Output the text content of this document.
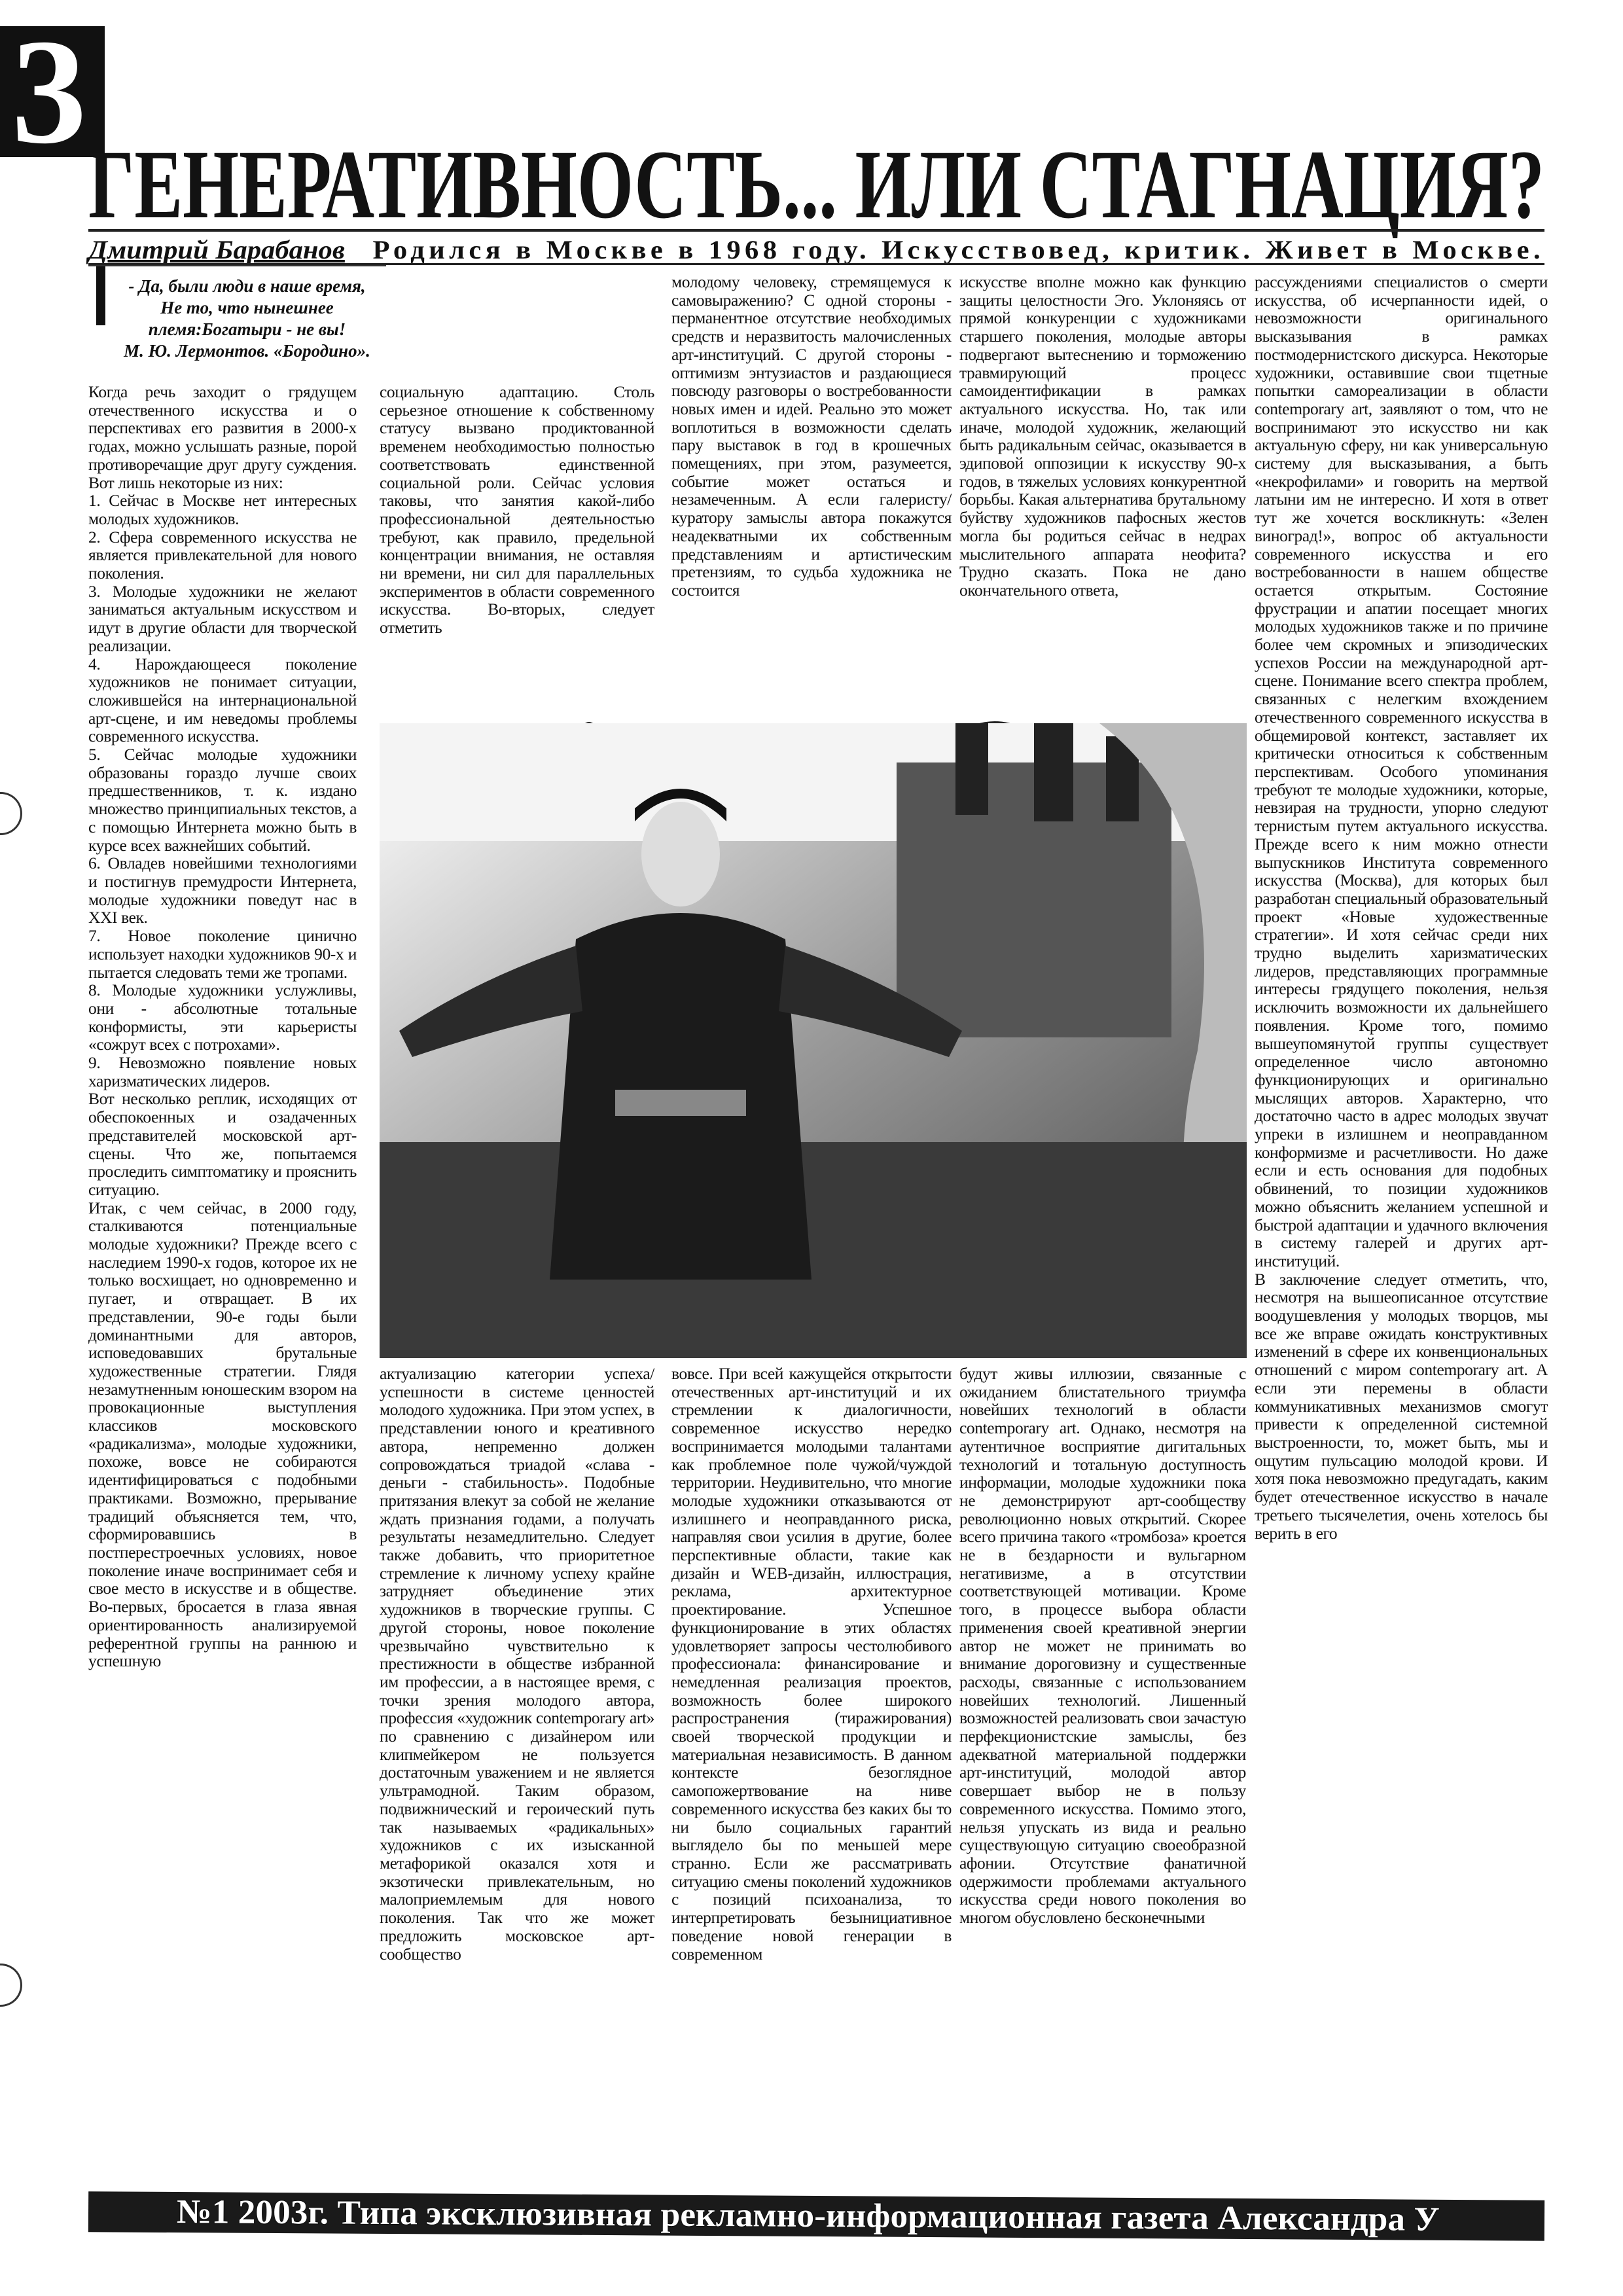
3
ГЕНЕРАТИВНОСТЬ... ИЛИ СТАГНАЦИЯ?
Дмитрий Барабанов Родился в Москве в 1968 году. Искусствовед, критик. Живет в Москве.

- Да, были люди в наше время,

Не то, что нынешнее племя:Богатыри - не вы!

М. Ю. Лермонтов. «Бородино».

Когда речь заходит о грядущем отечественного искусства и о перспективах его развития в 2000-х годах, можно услышать разные, порой противоречащие друг другу суждения. Вот лишь некоторые из них:

1. Сейчас в Москве нет интересных молодых художников.

2. Сфера современного искусства не является привлекательной для нового поколения.

3. Молодые художники не желают заниматься актуальным искусством и идут в другие области для творческой реализации.

4. Нарождающееся поколение художников не понимает ситуации, сложившейся на интернациональной арт-сцене, и им неведомы проблемы современного искусства.

5. Сейчас молодые художники образованы гораздо лучше своих предшественников, т. к. издано множество принципиальных текстов, а с помощью Интернета можно быть в курсе всех важнейших событий.

6. Овладев новейшими технологиями и постигнув премудрости Интернета, молодые художники поведут нас в XXI век.

7. Новое поколение цинично использует находки художников 90-х и пытается следовать теми же тропами.

8. Молодые художники услужливы, они - абсолютные тотальные конформисты, эти карьеристы «сожрут всех с потрохами».

9. Невозможно появление новых харизматических лидеров.

Вот несколько реплик, исходящих от обеспокоенных и озадаченных представителей московской арт-сцены. Что же, попытаемся проследить симптоматику и прояснить ситуацию.

Итак, с чем сейчас, в 2000 году, сталкиваются потенциальные молодые художники? Прежде всего с наследием 1990-х годов, которое их не только восхищает, но одновременно и пугает, и отвращает. В их представлении, 90-е годы были доминантными для авторов, исповедовавших брутальные художественные стратегии. Глядя незамутненным юношеским взором на провокационные выступления классиков московского «радикализма», молодые художники, похоже, вовсе не собираются идентифицироваться с подобными практиками. Возможно, прерывание традиций объясняется тем, что, сформировавшись в постперестроечных условиях, новое поколение иначе воспринимает себя и свое место в искусстве и в обществе. Во-первых, бросается в глаза явная ориентированность анализируемой референтной группы на раннюю и успешную

социальную адаптацию. Столь серьезное отношение к собственному статусу вызвано продиктованной временем необходимостью полностью соответствовать единственной социальной роли. Сейчас условия таковы, что занятия какой-либо профессиональной деятельностью требуют, как правило, предельной концентрации внимания, не оставляя ни времени, ни сил для параллельных экспериментов в области современного искусства. Во-вторых, следует отметить

молодому человеку, стремящемуся к самовыражению? С одной стороны - перманентное отсутствие необходимых средств и неразвитость малочисленных арт-институций. С другой стороны - оптимизм энтузиастов и раздающиеся повсюду разговоры о востребованности новых имен и идей. Реально это может воплотиться в возможности сделать пару выставок в год в крошечных помещениях, при этом, разумеется, событие может остаться и незамеченным. А если галеристу/куратору замыслы автора покажутся неадекватными их собственным представлениям и артистическим претензиям, то судьба художника не состоится

искусстве вполне можно как функцию защиты целостности Эго. Уклоняясь от прямой конкуренции с художниками старшего поколения, молодые авторы подвергают вытеснению и торможению травмирующий процесс самоидентификации в рамках актуального искусства. Но, так или иначе, молодой художник, желающий быть радикальным сейчас, оказывается в эдиповой оппозиции к искусству 90-х годов, в тяжелых условиях конкурентной борьбы. Какая альтернатива брутальному буйству художников пафосных жестов могла бы родиться сейчас в недрах мыслительного аппарата неофита? Трудно сказать. Пока не дано окончательного ответа,

рассуждениями специалистов о смерти искусства, об исчерпанности идей, о невозможности оригинального высказывания в рамках постмодернистского дискурса. Некоторые художники, оставившие свои тщетные попытки самореализации в области contemporary art, заявляют о том, что не воспринимают это искусство ни как актуальную сферу, ни как универсальную систему для высказывания, а быть «некрофилами» и говорить на мертвой латыни им не интересно. И хотя в ответ тут же хочется воскликнуть: «Зелен виноград!», вопрос об актуальности современного искусства и его востребованности в нашем обществе остается открытым. Состояние фрустрации и апатии посещает многих молодых художников также и по причине более чем скромных и эпизодических успехов России на международной арт-сцене. Понимание всего спектра проблем, связанных с нелегким вхождением отечественного современного искусства в общемировой контекст, заставляет их критически относиться к собственным перспективам. Особого упоминания требуют те молодые художники, которые, невзирая на трудности, упорно следуют тернистым путем актуального искусства. Прежде всего к ним можно отнести выпускников Института современного искусства (Москва), для которых был разработан специальный образовательный проект «Новые художественные стратегии». И хотя сейчас среди них трудно выделить харизматических лидеров, представляющих программные интересы грядущего поколения, нельзя исключить возможности их дальнейшего появления. Кроме того, помимо вышеупомянутой группы существует определенное число автономно функционирующих и оригинально мыслящих авторов. Характерно, что достаточно часто в адрес молодых звучат упреки в излишнем и неоправданном конформизме и расчетливости. Но даже если и есть основания для подобных обвинений, то позиции художников можно объяснить желанием успешной и быстрой адаптации и удачного включения в систему галерей и других арт-институций.

В заключение следует отметить, что, несмотря на вышеописанное отсутствие воодушевления у молодых творцов, мы все же вправе ожидать конструктивных изменений в сфере их конвенциональных отношений с миром contemporary art. А если эти перемены в области коммуникативных механизмов смогут привести к определенной системной выстроенности, то, может быть, мы и ощутим пульсацию молодой крови. И хотя пока невозможно предугадать, каким будет отечественное искусство в начале третьего тысячелетия, очень хотелось бы верить в его

актуализацию категории успеха/успешности в системе ценностей молодого художника. При этом успех, в представлении юного и креативного автора, непременно должен сопровождаться триадой «слава - деньги - стабильность». Подобные притязания влекут за собой не желание ждать признания годами, а получать результаты незамедлительно. Следует также добавить, что приоритетное стремление к личному успеху крайне затрудняет объединение этих художников в творческие группы. С другой стороны, новое поколение чрезвычайно чувствительно к престижности в обществе избранной им профессии, а в настоящее время, с точки зрения молодого автора, профессия «художник contemporary art» по сравнению с дизайнером или клипмейкером не пользуется достаточным уважением и не является ультрамодной. Таким образом, подвижнический и героический путь так называемых «радикальных» художников с их изысканной метафорикой оказался хотя и экзотически привлекательным, но малоприемлемым для нового поколения. Так что же может предложить московское арт-сообщество

вовсе. При всей кажущейся открытости отечественных арт-институций и их стремлении к диалогичности, современное искусство нередко воспринимается молодыми талантами как проблемное поле чужой/чуждой территории. Неудивительно, что многие молодые художники отказываются от излишнего и неоправданного риска, направляя свои усилия в другие, более перспективные области, такие как дизайн и WEB-дизайн, иллюстрация, реклама, архитектурное проектирование. Успешное функционирование в этих областях удовлетворяет запросы честолюбивого профессионала: финансирование и немедленная реализация проектов, возможность более широкого распространения (тиражирования) своей творческой продукции и материальная независимость. В данном контексте безоглядное самопожертвование на ниве современного искусства без каких бы то ни было социальных гарантий выглядело бы по меньшей мере странно. Если же рассматривать ситуацию смены поколений художников с позиций психоанализа, то интерпретировать безынициативное поведение новой генерации в современном

будут живы иллюзии, связанные с ожиданием блистательного триумфа новейших технологий в области contemporary art. Однако, несмотря на аутентичное восприятие дигитальных технологий и тотальную доступность информации, молодые художники пока не демонстрируют арт-сообществу революционно новых открытий. Скорее всего причина такого «тромбоза» кроется не в бездарности и вульгарном негативизме, а в отсутствии соответствующей мотивации. Кроме того, в процессе выбора области применения своей креативной энергии автор не может не принимать во внимание дороговизну и существенные расходы, связанные с использованием новейших технологий. Лишенный возможностей реализовать свои зачастую перфекционистские замыслы, без адекватной материальной поддержки арт-институций, молодой автор совершает выбор не в пользу современного искусства. Помимо этого, нельзя упускать из вида и реально существующую ситуацию своеобразной афонии. Отсутствие фанатичной одержимости проблемами актуального искусства среди нового поколения во многом обусловлено бесконечными

№1 2003г. Типа эксклюзивная рекламно-информационная газета Александра У
